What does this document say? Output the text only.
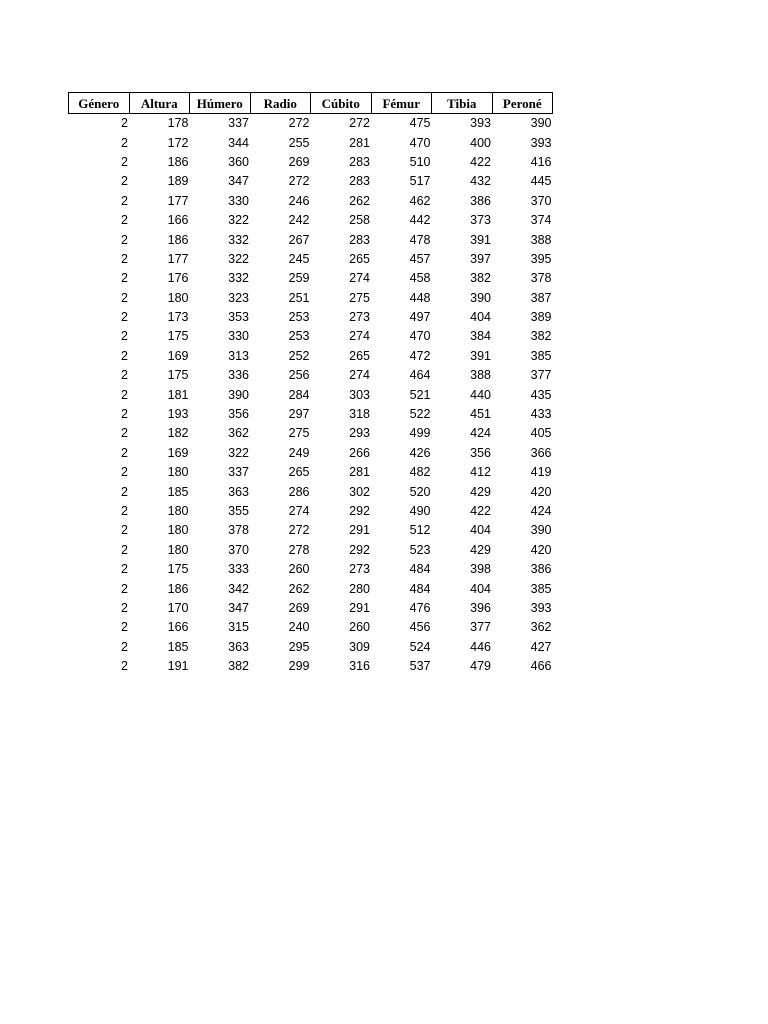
Género	Altura	Húmero	Radio	Cúbito	Fémur	Tibia	Peroné
2	178	337	272	272	475	393	390
2	172	344	255	281	470	400	393
2	186	360	269	283	510	422	416
2	189	347	272	283	517	432	445
2	177	330	246	262	462	386	370
2	166	322	242	258	442	373	374
2	186	332	267	283	478	391	388
2	177	322	245	265	457	397	395
2	176	332	259	274	458	382	378
2	180	323	251	275	448	390	387
2	173	353	253	273	497	404	389
2	175	330	253	274	470	384	382
2	169	313	252	265	472	391	385
2	175	336	256	274	464	388	377
2	181	390	284	303	521	440	435
2	193	356	297	318	522	451	433
2	182	362	275	293	499	424	405
2	169	322	249	266	426	356	366
2	180	337	265	281	482	412	419
2	185	363	286	302	520	429	420
2	180	355	274	292	490	422	424
2	180	378	272	291	512	404	390
2	180	370	278	292	523	429	420
2	175	333	260	273	484	398	386
2	186	342	262	280	484	404	385
2	170	347	269	291	476	396	393
2	166	315	240	260	456	377	362
2	185	363	295	309	524	446	427
2	191	382	299	316	537	479	466
